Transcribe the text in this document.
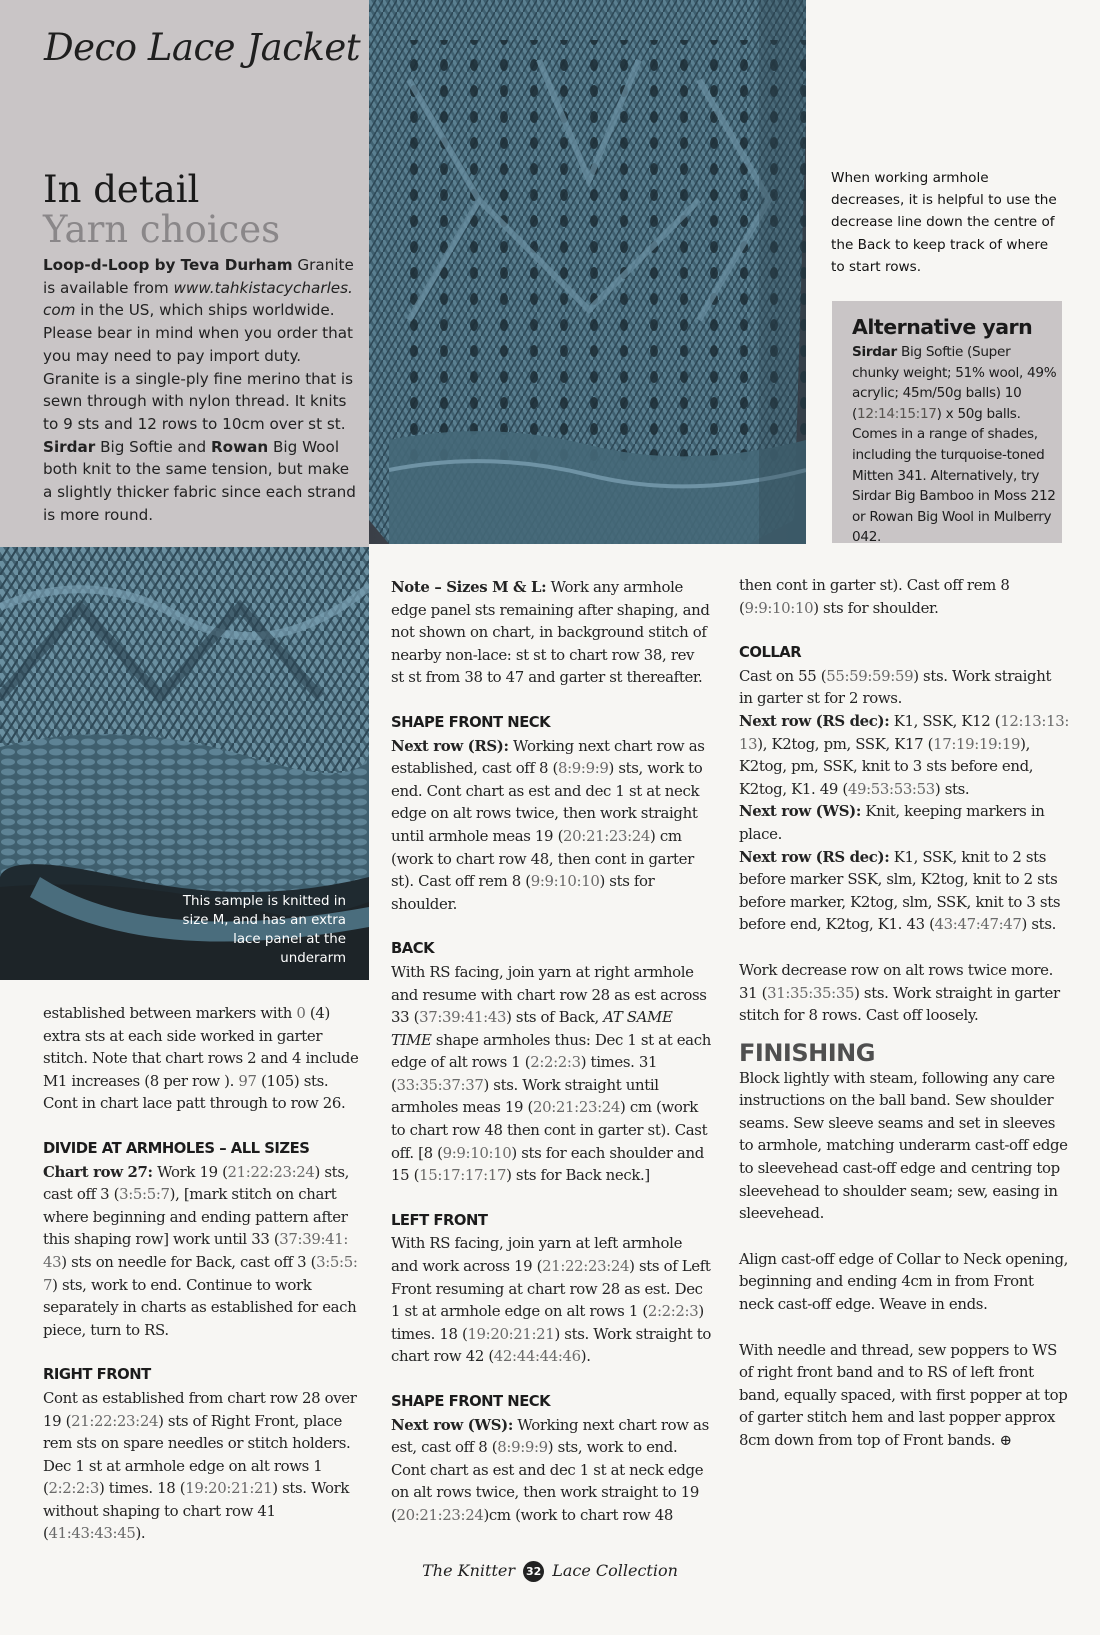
Deco Lace Jacket
In detail
Yarn choices

Loop-d-Loop by Teva Durham Granite is available from www.tahkistacycharles. com in the US, which ships worldwide. Please bear in mind when you order that you may need to pay import duty.

Granite is a single-ply fine merino that is sewn through with nylon thread. It knits to 9 sts and 12 rows to 10cm over st st. Sirdar Big Softie and Rowan Big Wool both knit to the same tension, but make a slightly thicker fabric since each strand is more round.

When working armhole decreases, it is helpful to use the decrease line down the centre of the Back to keep track of where to start rows.
Alternative yarn
Sirdar Big Softie (Super chunky weight; 51% wool, 49% acrylic; 45m/50g balls) 10 (12:14:15:17) x 50g balls. Comes in a range of shades, including the turquoise-toned Mitten 341. Alternatively, try Sirdar Big Bamboo in Moss 212 or Rowan Big Wool in Mulberry 042.
This sample is knitted in size M, and has an extra lace panel at the underarm

established between markers with 0 (4) extra sts at each side worked in garter stitch. Note that chart rows 2 and 4 include M1 increases (8 per row ). 97 (105) sts. Cont in chart lace patt through to row 26.

DIVIDE AT ARMHOLES – ALL SIZES

Chart row 27: Work 19 (21:22:23:24) sts, cast off 3 (3:5:5:7), [mark stitch on chart where beginning and ending pattern after this shaping row] work until 33 (37:39:41: 43) sts on needle for Back, cast off 3 (3:5:5: 7) sts, work to end. Continue to work separately in charts as established for each piece, turn to RS.

RIGHT FRONT

Cont as established from chart row 28 over 19 (21:22:23:24) sts of Right Front, place rem sts on spare needles or stitch holders. Dec 1 st at armhole edge on alt rows 1 (2:2:2:3) times. 18 (19:20:21:21) sts. Work without shaping to chart row 41 (41:43:43:45).

Note – Sizes M & L: Work any armhole edge panel sts remaining after shaping, and not shown on chart, in background stitch of nearby non-lace: st st to chart row 38, rev st st from 38 to 47 and garter st thereafter.

SHAPE FRONT NECK

Next row (RS): Working next chart row as established, cast off 8 (8:9:9:9) sts, work to end. Cont chart as est and dec 1 st at neck edge on alt rows twice, then work straight until armhole meas 19 (20:21:23:24) cm (work to chart row 48, then cont in garter st). Cast off rem 8 (9:9:10:10) sts for shoulder.

BACK

With RS facing, join yarn at right armhole and resume with chart row 28 as est across 33 (37:39:41:43) sts of Back, AT SAME TIME shape armholes thus: Dec 1 st at each edge of alt rows 1 (2:2:2:3) times. 31 (33:35:37:37) sts. Work straight until armholes meas 19 (20:21:23:24) cm (work to chart row 48 then cont in garter st). Cast off. [8 (9:9:10:10) sts for each shoulder and 15 (15:17:17:17) sts for Back neck.]

LEFT FRONT

With RS facing, join yarn at left armhole and work across 19 (21:22:23:24) sts of Left Front resuming at chart row 28 as est. Dec 1 st at armhole edge on alt rows 1 (2:2:2:3) times. 18 (19:20:21:21) sts. Work straight to chart row 42 (42:44:44:46).

SHAPE FRONT NECK

Next row (WS): Working next chart row as est, cast off 8 (8:9:9:9) sts, work to end. Cont chart as est and dec 1 st at neck edge on alt rows twice, then work straight to 19 (20:21:23:24)cm (work to chart row 48

then cont in garter st). Cast off rem 8 (9:9:10:10) sts for shoulder.

COLLAR

Cast on 55 (55:59:59:59) sts. Work straight in garter st for 2 rows.

Next row (RS dec): K1, SSK, K12 (12:13:13: 13), K2tog, pm, SSK, K17 (17:19:19:19), K2tog, pm, SSK, knit to 3 sts before end, K2tog, K1. 49 (49:53:53:53) sts.

Next row (WS): Knit, keeping markers in place.

Next row (RS dec): K1, SSK, knit to 2 sts before marker SSK, slm, K2tog, knit to 2 sts before marker, K2tog, slm, SSK, knit to 3 sts before end, K2tog, K1. 43 (43:47:47:47) sts.

Work decrease row on alt rows twice more. 31 (31:35:35:35) sts. Work straight in garter stitch for 8 rows. Cast off loosely.

FINISHING

Block lightly with steam, following any care instructions on the ball band. Sew shoulder seams. Sew sleeve seams and set in sleeves to armhole, matching underarm cast-off edge to sleevehead cast-off edge and centring top sleevehead to shoulder seam; sew, easing in sleevehead.

Align cast-off edge of Collar to Neck opening, beginning and ending 4cm in from Front neck cast-off edge. Weave in ends.

With needle and thread, sew poppers to WS of right front band and to RS of left front band, equally spaced, with first popper at top of garter stitch hem and last popper approx 8cm down from top of Front bands. ⊕

The Knitter 32 Lace Collection
